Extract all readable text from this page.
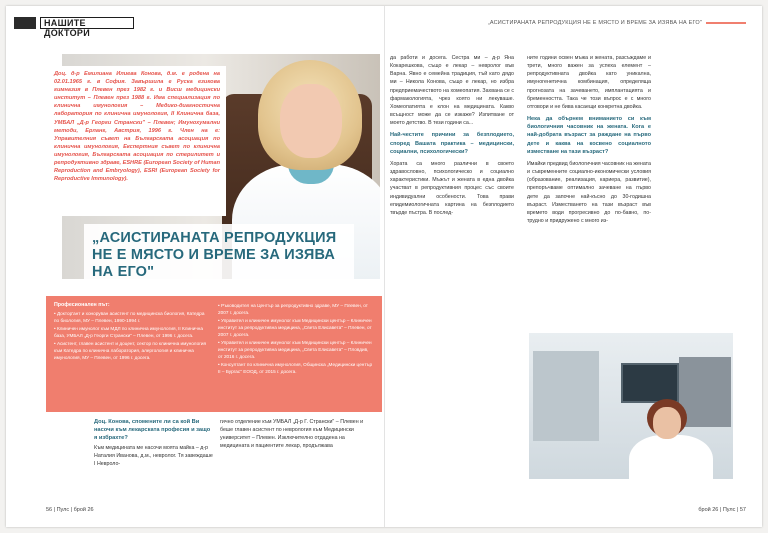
НАШИТЕ ДОКТОРИ
„АСИСТИРАНАТА РЕПРОДУКЦИЯ НЕ Е МЯСТО И ВРЕМЕ ЗА ИЗЯВА НА ЕГО"

Доц. д-р Емилиана Илиева Конова, д.м. е родена на 02.01.1965 г. в София. Завършила е Руска езикова гимназия в Плевен през 1982 г. и Висш медицински институт – Плевен през 1988 г. Има специализация по клинична имунология – Медико-диагностична лаборатория по клинична имунология, II Клинична база, УМБАЛ „Д-р Георги Странски" – Плевен; Имунохумални методи, Ерланг, Австрия, 1996 г. Член на е: Управителния съвет на Българската асоциация по клинична имунология, Експертния съвет по клинична имунология, Българската асоциация по стерилитет и репродуктивно здраве, ESHRE (European Society of Human Reproduction and Embryology), ESRI (European Society for Reproductive Immunology).

„АСИСТИРАНАТА РЕПРОДУКЦИЯ НЕ Е МЯСТО И ВРЕМЕ ЗА ИЗЯВА НА ЕГО"
Професионален път:
• Доктор'ант и хоноруван асистент по медицинска биология, Катедра по биология, МУ – Плевен, 1990-1994 г.
• Клиничен имунолог към МДЛ по клинична имунология, II Клинична база, УМБАЛ „Д-р Георги Странски" – Плевен, от 1996 г. досега.
• Асистент, главен асистент и доцент, сектор по клинична имунология към Катедра по клинична лаборатория, алергология и клинична имунология, МУ – Плевен, от 1996 г. досега.
• Ръководител на Център за репродуктивно здраве, МУ – Плевен, от 2007 г. досега.
• Управител и клиничен имунолог към Медицински център – Клиничен институт за репродуктивна медицина, „Света Елисавета" – Плевен, от 2007 г. досега.
• Управител и клиничен имунолог към Медицински център – Клиничен институт за репродуктивна медицина, „Света Елисавета" – Пловдив, от 2016 г. досега.
• Консултант по клинична имунология, Общинска „Медицински център II – Бургас" ЕООД, от 2015 г. досега.
Доц. Конова, спомените ли са кой Ви насочи към лекарската професия и защо я избрахте?
Към медицината ме насочи моята майка – д-р Наталия Иванова, д.м., невролог. Тя завеждаше I Невроло-
гично отделение към УМБАЛ „Д-р Г. Странски" – Плевен и беше главен асистент по неврология към Медицински университет – Плевен. Изключително отдадена на медицината и пациентите лекар, продължава
56 | Пулс | брой 26

да работи и досега. Сестра ми – д-р Яна Кокарешкова, също е лекар – невролог във Варна. Явно е семейна традиция, тъй като дядо ми – Никола Конова, също е лекар, но избра предприемачеството на хомеопатия. Захвана се с фармакологията, чрез която ни лекуваше. Хомеопатията е клон на медицината. Какво всъщност може да се изкаже? Изпитване от моето детство. В тези години са...

Най-честите причини за безплодието, според Вашата практика – медицински, социални, психологически?

Хората са много различни в своето здравословно, психологическо и социално характеристики. Мъжът и жената в една двойка участват в репродуктивния процес със своите индивидуални особености. Това прави епидемиологичната картина на безплодието твърде пъстра. В послед-

ните години освен мъжа и жената, разсъждаме и трети, много важен за успеха елемент – репродуктивната двойка като уникална, имуногенетична комбинация, определяща прогнозата на зачеването, имплантацията и бременността. Така че този въпрос е с много отговори и не бива касаещи конкретна двойка.

Нека да обърнем вниманието си към биологичния часовник на жената. Кога е най-добрата възраст за раждане на първо дете и каква на косвено социалното изместване на тази възраст?

Имайки предвид биологичния часовник на жената и съвременните социално-икономически условия (образование, реализация, кариера, развитие), препоръчваме оптимално зачеване на първо дете да започне най-късно до 30-годишна възраст. Изместването на тази възраст във времето води прогресивно до по-бавно, по-трудно и придружено с много из-

брой 26 | Пулс | 57
